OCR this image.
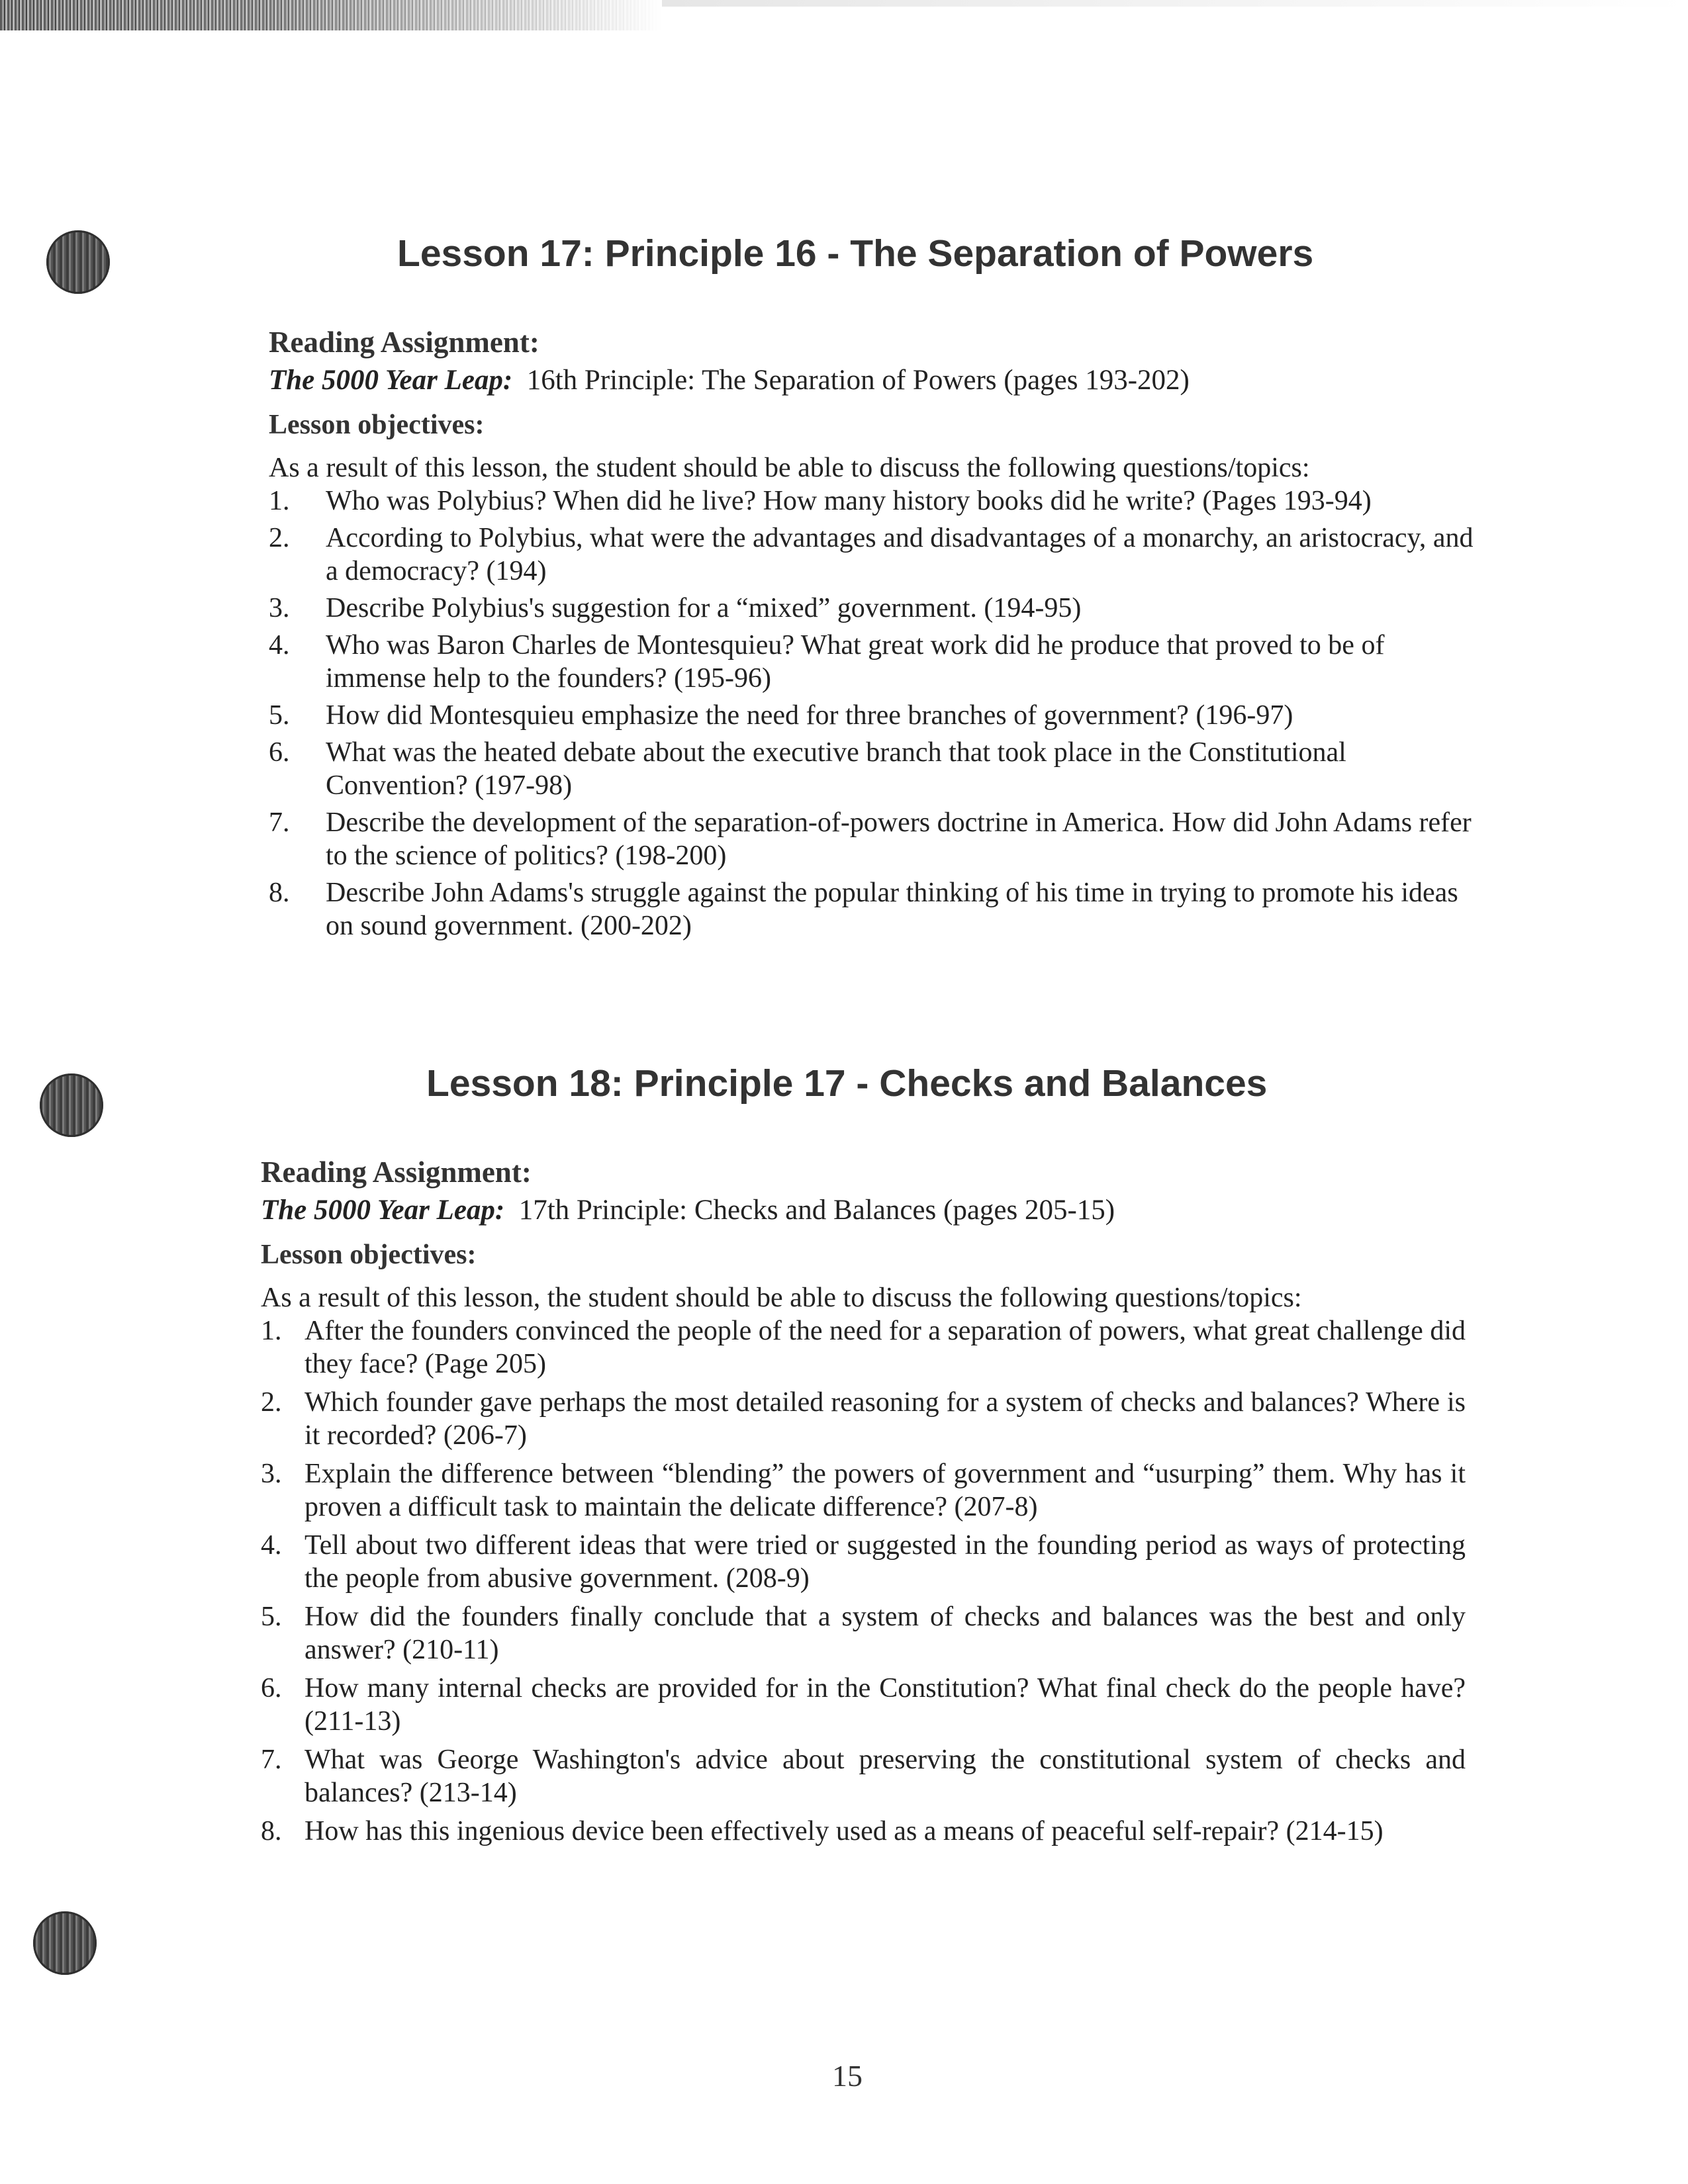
Lesson 17: Principle 16 - The Separation of Powers

Reading Assignment:

The 5000 Year Leap: 16th Principle: The Separation of Powers (pages 193-202)

Lesson objectives:

As a result of this lesson, the student should be able to discuss the following questions/topics:

1. Who was Polybius? When did he live? How many history books did he write? (Pages 193-94)
2. According to Polybius, what were the advantages and disadvantages of a monarchy, an aristocracy, and a democracy? (194)
3. Describe Polybius's suggestion for a “mixed” government. (194-95)
4. Who was Baron Charles de Montesquieu? What great work did he produce that proved to be of immense help to the founders? (195-96)
5. How did Montesquieu emphasize the need for three branches of government? (196-97)
6. What was the heated debate about the executive branch that took place in the Constitutional Convention? (197-98)
7. Describe the development of the separation-of-powers doctrine in America. How did John Adams refer to the science of politics? (198-200)
8. Describe John Adams's struggle against the popular thinking of his time in trying to promote his ideas on sound government. (200-202)
Lesson 18: Principle 17 - Checks and Balances

Reading Assignment:

The 5000 Year Leap: 17th Principle: Checks and Balances (pages 205-15)

Lesson objectives:

As a result of this lesson, the student should be able to discuss the following questions/topics:

1. After the founders convinced the people of the need for a separation of powers, what great challenge did they face? (Page 205)
2. Which founder gave perhaps the most detailed reasoning for a system of checks and balances? Where is it recorded? (206-7)
3. Explain the difference between “blending” the powers of government and “usurping” them. Why has it proven a difficult task to maintain the delicate difference? (207-8)
4. Tell about two different ideas that were tried or suggested in the founding period as ways of protecting the people from abusive government. (208-9)
5. How did the founders finally conclude that a system of checks and balances was the best and only answer? (210-11)
6. How many internal checks are provided for in the Constitution? What final check do the people have? (211-13)
7. What was George Washington's advice about preserving the constitutional system of checks and balances? (213-14)
8. How has this ingenious device been effectively used as a means of peaceful self-repair? (214-15)

15
